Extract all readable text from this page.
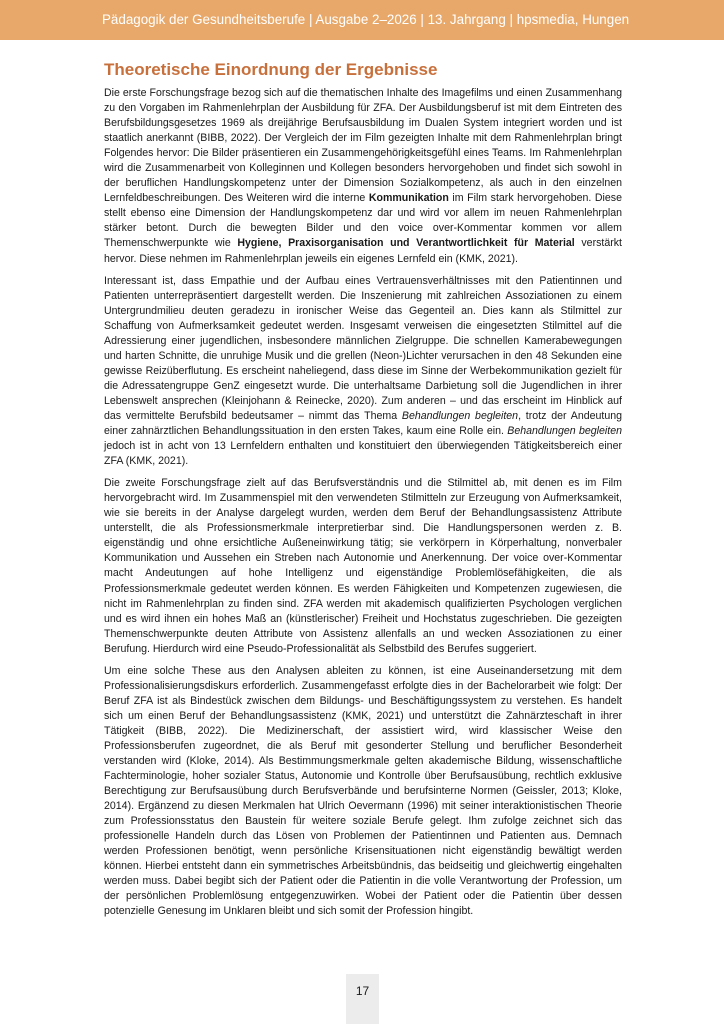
Pädagogik der Gesundheitsberufe | Ausgabe 2–2026 | 13. Jahrgang | hpsmedia, Hungen
Theoretische Einordnung der Ergebnisse

Die erste Forschungsfrage bezog sich auf die thematischen Inhalte des Imagefilms und einen Zusammenhang zu den Vorgaben im Rahmenlehrplan der Ausbildung für ZFA. Der Ausbildungsberuf ist mit dem Eintreten des Berufsbildungsgesetzes 1969 als dreijährige Berufsausbildung im Dualen System integriert worden und ist staatlich anerkannt (BIBB, 2022). Der Vergleich der im Film gezeigten Inhalte mit dem Rahmenlehrplan bringt Folgendes hervor: Die Bilder präsentieren ein Zusammengehörigkeitsgefühl eines Teams. Im Rahmenlehrplan wird die Zusammenarbeit von Kolleginnen und Kollegen besonders hervorgehoben und findet sich sowohl in der beruflichen Handlungskompetenz unter der Dimension Sozialkompetenz, als auch in den einzelnen Lernfeldbeschreibungen. Des Weiteren wird die interne Kommunikation im Film stark hervorgehoben. Diese stellt ebenso eine Dimension der Handlungskompetenz dar und wird vor allem im neuen Rahmenlehrplan stärker betont. Durch die bewegten Bilder und den voice over-Kommentar kommen vor allem Themenschwerpunkte wie Hygiene, Praxisorganisation und Verantwortlichkeit für Material verstärkt hervor. Diese nehmen im Rahmenlehrplan jeweils ein eigenes Lernfeld ein (KMK, 2021).

Interessant ist, dass Empathie und der Aufbau eines Vertrauensverhältnisses mit den Patientinnen und Patienten unterrepräsentiert dargestellt werden. Die Inszenierung mit zahlreichen Assoziationen zu einem Untergrundmilieu deuten geradezu in ironischer Weise das Gegenteil an. Dies kann als Stilmittel zur Schaffung von Aufmerksamkeit gedeutet werden. Insgesamt verweisen die eingesetzten Stilmittel auf die Adressierung einer jugendlichen, insbesondere männlichen Zielgruppe. Die schnellen Kamerabewegungen und harten Schnitte, die unruhige Musik und die grellen (Neon-)Lichter verursachen in den 48 Sekunden eine gewisse Reizüberflutung. Es erscheint naheliegend, dass diese im Sinne der Werbekommunikation gezielt für die Adressatengruppe GenZ eingesetzt wurde. Die unterhaltsame Darbietung soll die Jugendlichen in ihrer Lebenswelt ansprechen (Kleinjohann & Reinecke, 2020). Zum anderen – und das erscheint im Hinblick auf das vermittelte Berufsbild bedeutsamer – nimmt das Thema Behandlungen begleiten, trotz der Andeutung einer zahnärztlichen Behandlungssituation in den ersten Takes, kaum eine Rolle ein. Behandlungen begleiten jedoch ist in acht von 13 Lernfeldern enthalten und konstituiert den überwiegenden Tätigkeitsbereich einer ZFA (KMK, 2021).

Die zweite Forschungsfrage zielt auf das Berufsverständnis und die Stilmittel ab, mit denen es im Film hervorgebracht wird. Im Zusammenspiel mit den verwendeten Stilmitteln zur Erzeugung von Aufmerksamkeit, wie sie bereits in der Analyse dargelegt wurden, werden dem Beruf der Behandlungsassistenz Attribute unterstellt, die als Professionsmerkmale interpretierbar sind. Die Handlungspersonen werden z. B. eigenständig und ohne ersichtliche Außeneinwirkung tätig; sie verkörpern in Körperhaltung, nonverbaler Kommunikation und Aussehen ein Streben nach Autonomie und Anerkennung. Der voice over-Kommentar macht Andeutungen auf hohe Intelligenz und eigenständige Problemlösefähigkeiten, die als Professionsmerkmale gedeutet werden können. Es werden Fähigkeiten und Kompetenzen zugewiesen, die nicht im Rahmenlehrplan zu finden sind. ZFA werden mit akademisch qualifizierten Psychologen verglichen und es wird ihnen ein hohes Maß an (künstlerischer) Freiheit und Hochstatus zugeschrieben. Die gezeigten Themenschwerpunkte deuten Attribute von Assistenz allenfalls an und wecken Assoziationen zu einer Berufung. Hierdurch wird eine Pseudo-Professionalität als Selbstbild des Berufes suggeriert.

Um eine solche These aus den Analysen ableiten zu können, ist eine Auseinandersetzung mit dem Professionalisierungsdiskurs erforderlich. Zusammengefasst erfolgte dies in der Bachelorarbeit wie folgt: Der Beruf ZFA ist als Bindestück zwischen dem Bildungs- und Beschäftigungssystem zu verstehen. Es handelt sich um einen Beruf der Behandlungsassistenz (KMK, 2021) und unterstützt die Zahnärzteschaft in ihrer Tätigkeit (BIBB, 2022). Die Medizinerschaft, der assistiert wird, wird klassischer Weise den Professionsberufen zugeordnet, die als Beruf mit gesonderter Stellung und beruflicher Besonderheit verstanden wird (Kloke, 2014). Als Bestimmungsmerkmale gelten akademische Bildung, wissenschaftliche Fachterminologie, hoher sozialer Status, Autonomie und Kontrolle über Berufsausübung, rechtlich exklusive Berechtigung zur Berufsausübung durch Berufsverbände und berufsinterne Normen (Geissler, 2013; Kloke, 2014). Ergänzend zu diesen Merkmalen hat Ulrich Oevermann (1996) mit seiner interaktionistischen Theorie zum Professionsstatus den Baustein für weitere soziale Berufe gelegt. Ihm zufolge zeichnet sich das professionelle Handeln durch das Lösen von Problemen der Patientinnen und Patienten aus. Demnach werden Professionen benötigt, wenn persönliche Krisensituationen nicht eigenständig bewältigt werden können. Hierbei entsteht dann ein symmetrisches Arbeitsbündnis, das beidseitig und gleichwertig eingehalten werden muss. Dabei begibt sich der Patient oder die Patientin in die volle Verantwortung der Profession, um der persönlichen Problemlösung entgegenzuwirken. Wobei der Patient oder die Patientin über dessen potenzielle Genesung im Unklaren bleibt und sich somit der Profession hingibt.

17
